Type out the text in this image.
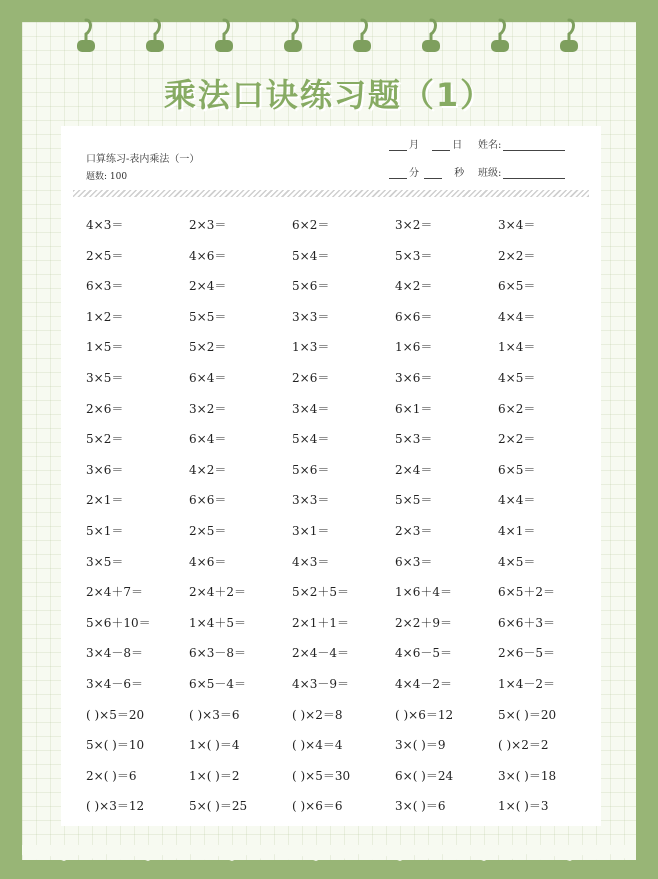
乘法口诀练习题（1）
口算练习-表内乘法（一）
题数: 100
月	日 姓名:
分	秒 班级:
4×3＝	2×3＝	6×2＝	3×2＝	3×4＝
2×5＝	4×6＝	5×4＝	5×3＝	2×2＝
6×3＝	2×4＝	5×6＝	4×2＝	6×5＝
1×2＝	5×5＝	3×3＝	6×6＝	4×4＝
1×5＝	5×2＝	1×3＝	1×6＝	1×4＝
3×5＝	6×4＝	2×6＝	3×6＝	4×5＝
2×6＝	3×2＝	3×4＝	6×1＝	6×2＝
5×2＝	6×4＝	5×4＝	5×3＝	2×2＝
3×6＝	4×2＝	5×6＝	2×4＝	6×5＝
2×1＝	6×6＝	3×3＝	5×5＝	4×4＝
5×1＝	2×5＝	3×1＝	2×3＝	4×1＝
3×5＝	4×6＝	4×3＝	6×3＝	4×5＝
2×4＋7＝	2×4＋2＝	5×2＋5＝	1×6＋4＝	6×5＋2＝
5×6＋10＝	1×4＋5＝	2×1＋1＝	2×2＋9＝	6×6＋3＝
3×4－8＝	6×3－8＝	2×4－4＝	4×6－5＝	2×6－5＝
3×4－6＝	6×5－4＝	4×3－9＝	4×4－2＝	1×4－2＝
( )×5＝20	( )×3＝6	( )×2＝8	( )×6＝12	5×( )＝20
5×( )＝10	1×( )＝4	( )×4＝4	3×( )＝9	( )×2＝2
2×( )＝6	1×( )＝2	( )×5＝30	6×( )＝24	3×( )＝18
( )×3＝12	5×( )＝25	( )×6＝6	3×( )＝6	1×( )＝3
